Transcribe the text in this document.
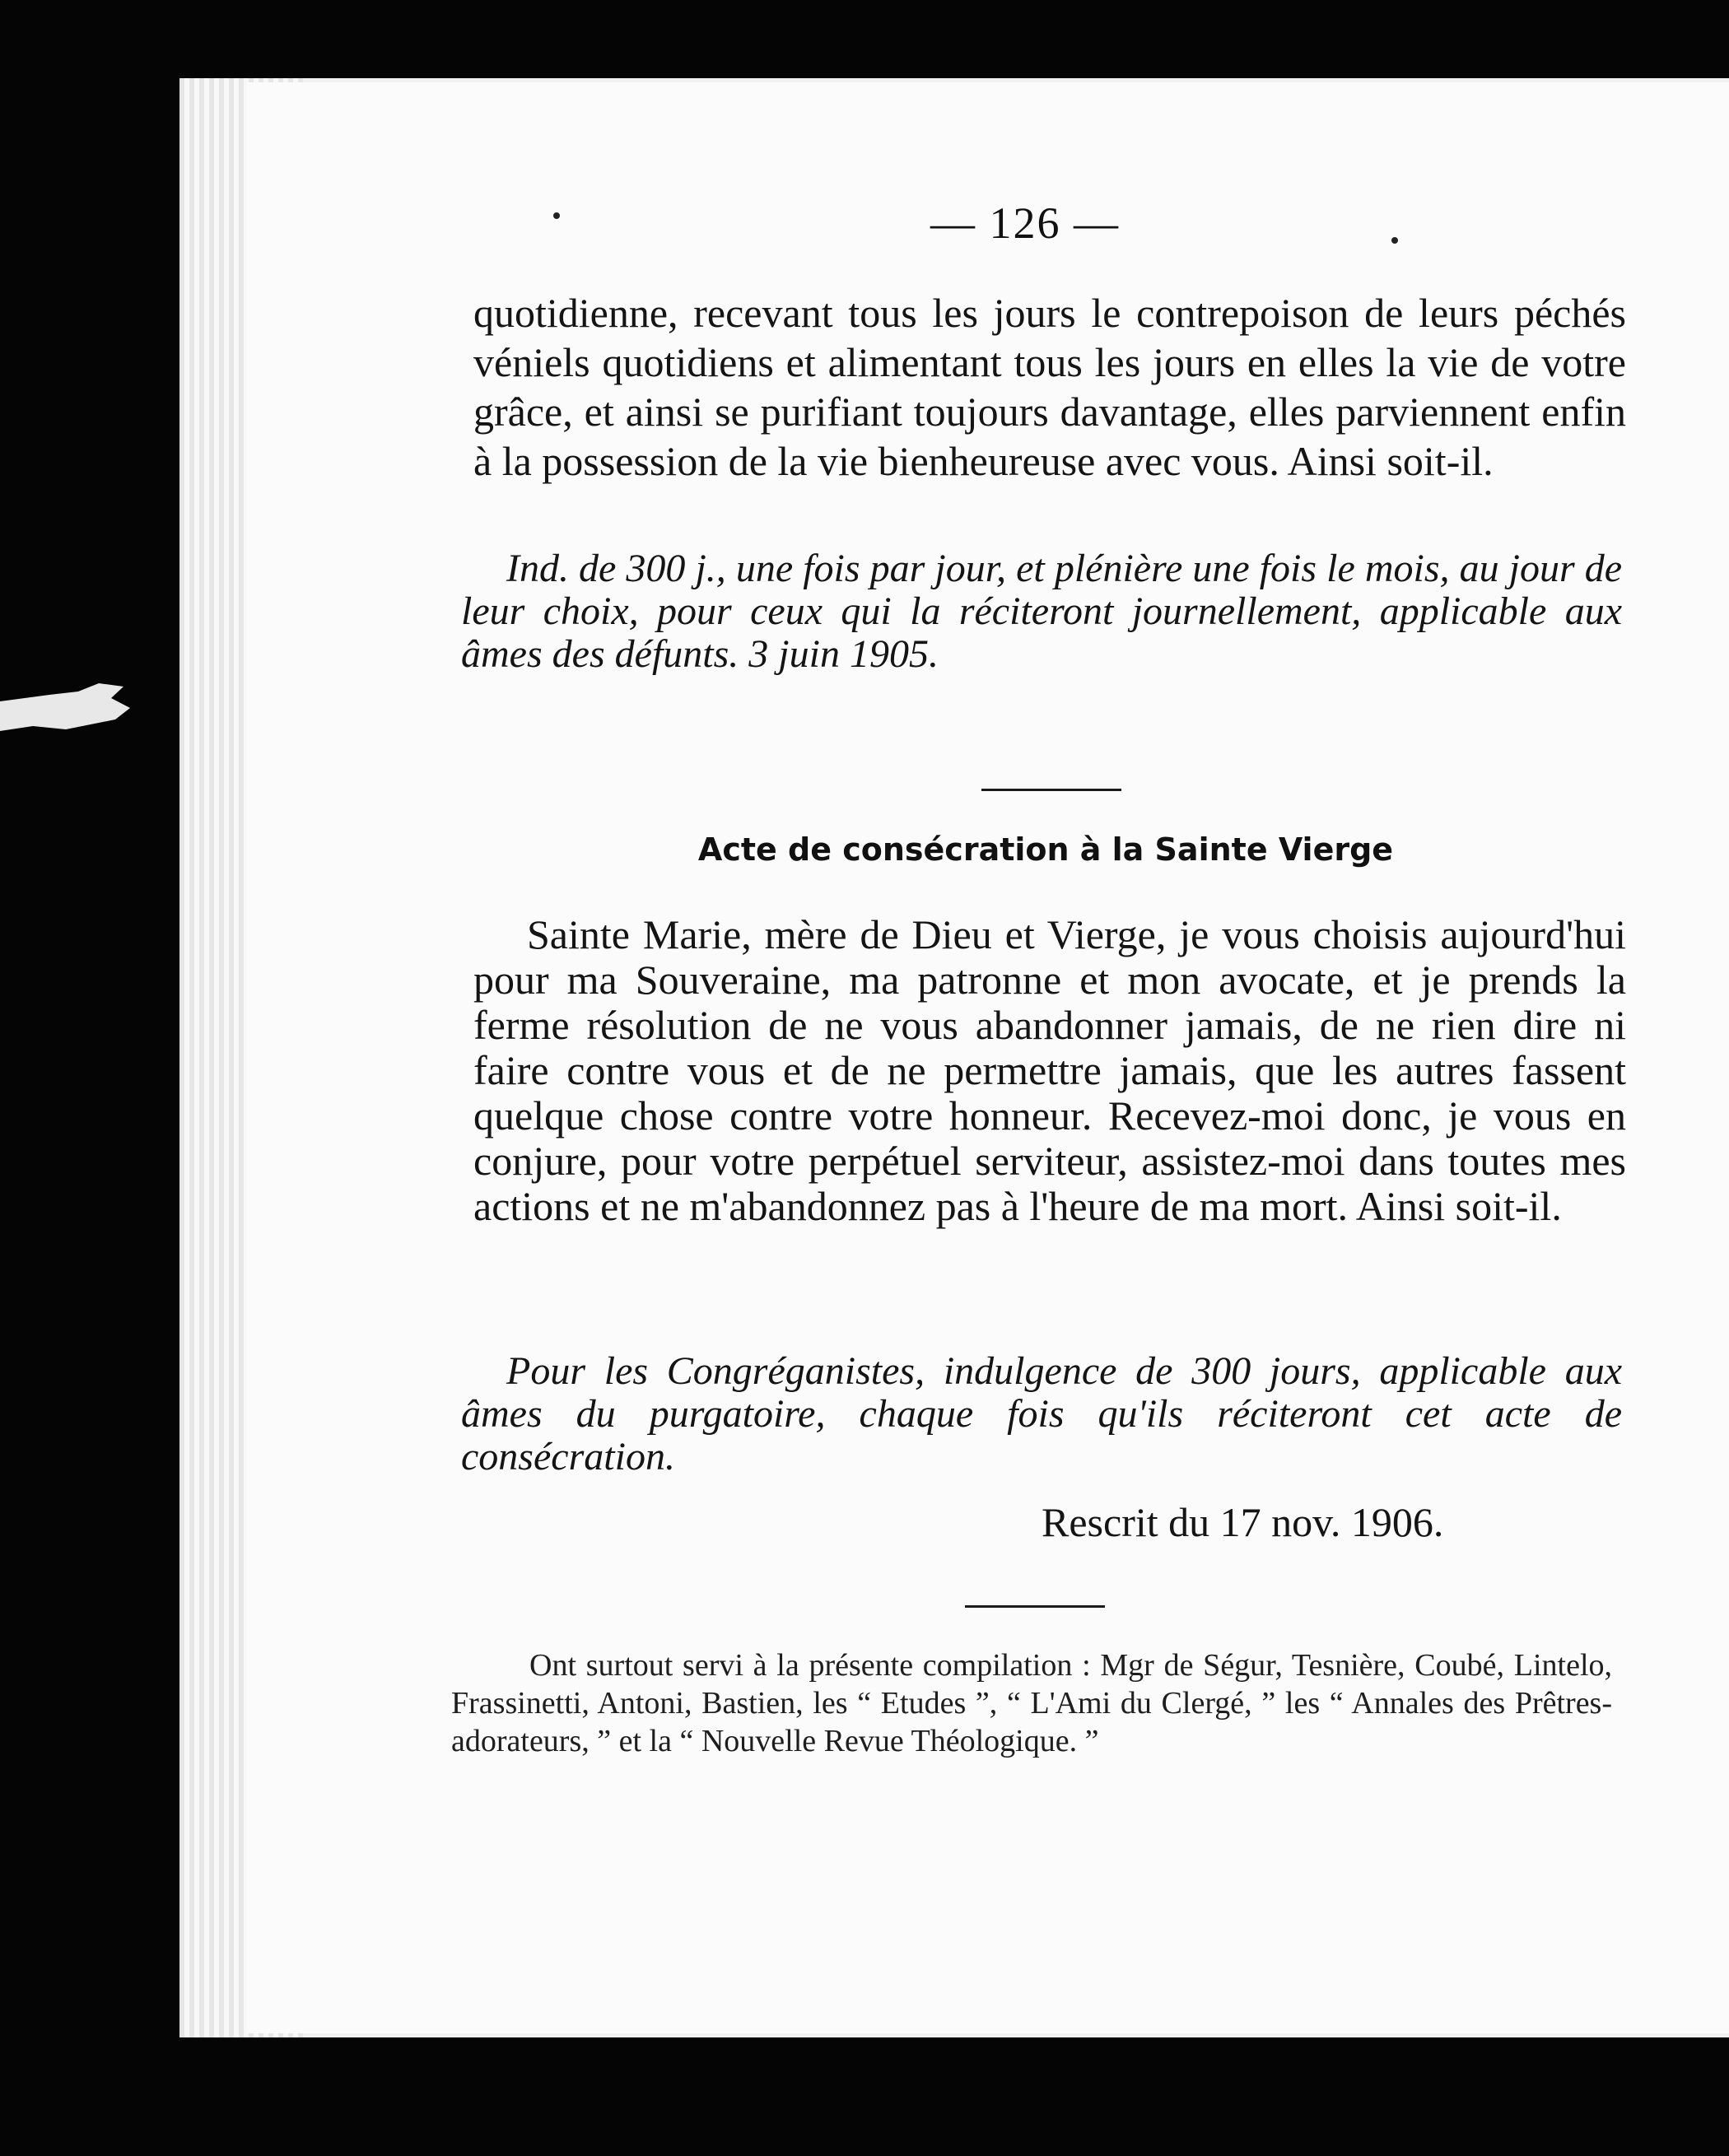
— 126 —

quotidienne, recevant tous les jours le contrepoison de leurs péchés véniels quotidiens et alimentant tous les jours en elles la vie de votre grâce, et ainsi se purifiant toujours davantage, elles parviennent enfin à la possession de la vie bienheureuse avec vous. Ainsi soit-il.

Ind. de 300 j., une fois par jour, et plénière une fois le mois, au jour de leur choix, pour ceux qui la réciteront journellement, applicable aux âmes des défunts. 3 juin 1905.

Acte de consécration à la Sainte Vierge

Sainte Marie, mère de Dieu et Vierge, je vous choisis aujourd'hui pour ma Souveraine, ma patronne et mon avocate, et je prends la ferme résolution de ne vous abandonner jamais, de ne rien dire ni faire contre vous et de ne permettre jamais, que les autres fassent quelque chose contre votre honneur. Recevez-moi donc, je vous en conjure, pour votre perpétuel serviteur, assistez-moi dans toutes mes actions et ne m'abandonnez pas à l'heure de ma mort. Ainsi soit-il.

Pour les Congréganistes, indulgence de 300 jours, applicable aux âmes du purgatoire, chaque fois qu'ils réciteront cet acte de consécration.

Rescrit du 17 nov. 1906.

Ont surtout servi à la présente compilation : Mgr de Ségur, Tesnière, Coubé, Lintelo, Frassinetti, Antoni, Bastien, les “ Etudes ”, “ L'Ami du Clergé, ” les “ Annales des Prêtres-adorateurs, ” et la “ Nouvelle Revue Théologique. ”
